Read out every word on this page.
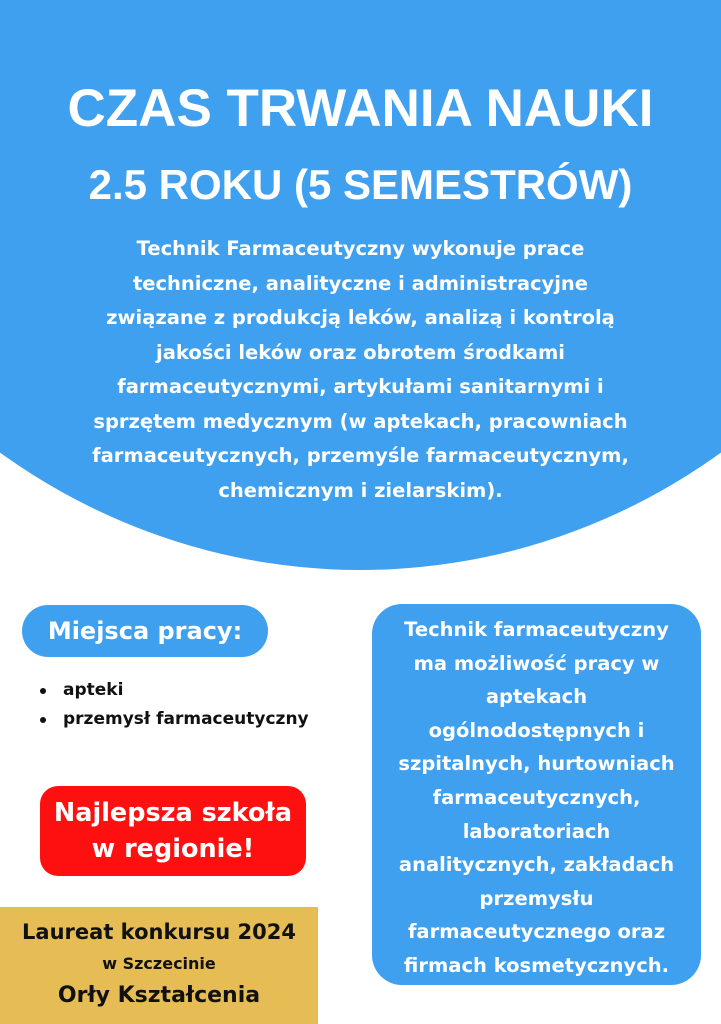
CZAS TRWANIA NAUKI
2.5 ROKU (5 SEMESTRÓW)
Technik Farmaceutyczny wykonuje prace
techniczne, analityczne i administracyjne
związane z produkcją leków, analizą i kontrolą
jakości leków oraz obrotem środkami
farmaceutycznymi, artykułami sanitarnymi i
sprzętem medycznym (w aptekach, pracowniach
farmaceutycznych, przemyśle farmaceutycznym,
chemicznym i zielarskim).
Miejsca pracy:
apteki
przemysł farmaceutyczny
Najlepsza szkoła
w regionie!
Laureat konkursu 2024
w Szczecinie
Orły Kształcenia
Technik farmaceutyczny
ma możliwość pracy w
aptekach
ogólnodostępnych i
szpitalnych, hurtowniach
farmaceutycznych,
laboratoriach
analitycznych, zakładach
przemysłu
farmaceutycznego oraz
firmach kosmetycznych.
